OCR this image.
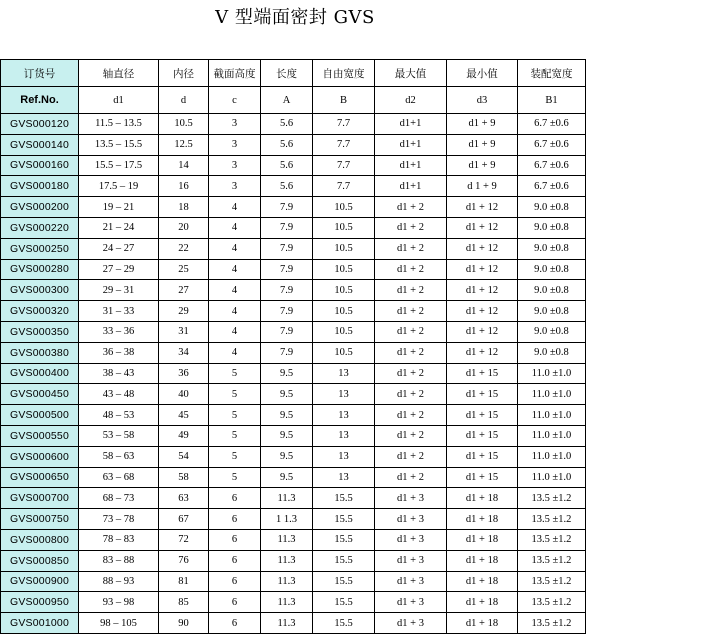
V 型端面密封 GVS
订货号	轴直径	内径	截面高度	长度	自由宽度	最大值	最小值	装配宽度
Ref.No.	d1	d	c	A	B	d2	d3	B1
GVS000120	11.5 – 13.5	10.5	3	5.6	7.7	d1+1	d1 + 9	6.7 ±0.6
GVS000140	13.5 – 15.5	12.5	3	5.6	7.7	d1+1	d1 + 9	6.7 ±0.6
GVS000160	15.5 – 17.5	14	3	5.6	7.7	d1+1	d1 + 9	6.7 ±0.6
GVS000180	17.5 – 19	16	3	5.6	7.7	d1+1	d 1 + 9	6.7 ±0.6
GVS000200	19 – 21	18	4	7.9	10.5	d1 + 2	d1 + 12	9.0 ±0.8
GVS000220	21 – 24	20	4	7.9	10.5	d1 + 2	d1 + 12	9.0 ±0.8
GVS000250	24 – 27	22	4	7.9	10.5	d1 + 2	d1 + 12	9.0 ±0.8
GVS000280	27 – 29	25	4	7.9	10.5	d1 + 2	d1 + 12	9.0 ±0.8
GVS000300	29 – 31	27	4	7.9	10.5	d1 + 2	d1 + 12	9.0 ±0.8
GVS000320	31 – 33	29	4	7.9	10.5	d1 + 2	d1 + 12	9.0 ±0.8
GVS000350	33 – 36	31	4	7.9	10.5	d1 + 2	d1 + 12	9.0 ±0.8
GVS000380	36 – 38	34	4	7.9	10.5	d1 + 2	d1 + 12	9.0 ±0.8
GVS000400	38 – 43	36	5	9.5	13	d1 + 2	d1 + 15	11.0 ±1.0
GVS000450	43 – 48	40	5	9.5	13	d1 + 2	d1 + 15	11.0 ±1.0
GVS000500	48 – 53	45	5	9.5	13	d1 + 2	d1 + 15	11.0 ±1.0
GVS000550	53 – 58	49	5	9.5	13	d1 + 2	d1 + 15	11.0 ±1.0
GVS000600	58 – 63	54	5	9.5	13	d1 + 2	d1 + 15	11.0 ±1.0
GVS000650	63 – 68	58	5	9.5	13	d1 + 2	d1 + 15	11.0 ±1.0
GVS000700	68 – 73	63	6	11.3	15.5	d1 + 3	d1 + 18	13.5 ±1.2
GVS000750	73 – 78	67	6	1 1.3	15.5	d1 + 3	d1 + 18	13.5 ±1.2
GVS000800	78 – 83	72	6	11.3	15.5	d1 + 3	d1 + 18	13.5 ±1.2
GVS000850	83 – 88	76	6	11.3	15.5	d1 + 3	d1 + 18	13.5 ±1.2
GVS000900	88 – 93	81	6	11.3	15.5	d1 + 3	d1 + 18	13.5 ±1.2
GVS000950	93 – 98	85	6	11.3	15.5	d1 + 3	d1 + 18	13.5 ±1.2
GVS001000	98 – 105	90	6	11.3	15.5	d1 + 3	d1 + 18	13.5 ±1.2
